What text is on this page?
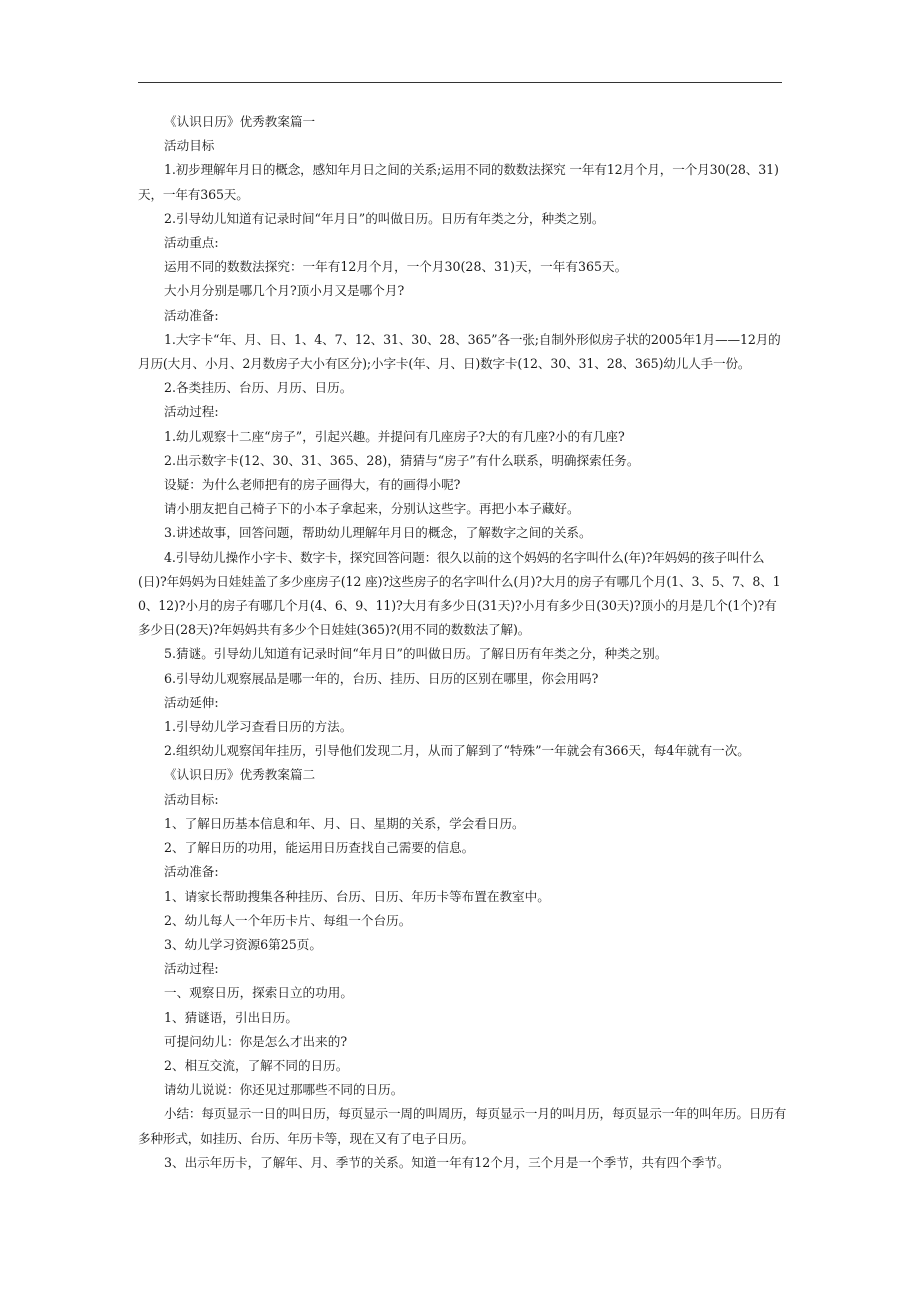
《认识日历》优秀教案篇一
活动目标
1.初步理解年月日的概念，感知年月日之间的关系;运用不同的数数法探究 一年有12月个月，一个月30(28、31)天，一年有365天。
2.引导幼儿知道有记录时间“年月日”的叫做日历。日历有年类之分，种类之别。
活动重点:
运用不同的数数法探究：一年有12月个月，一个月30(28、31)天，一年有365天。
大小月分别是哪几个月?顶小月又是哪个月?
活动准备:
1.大字卡“年、月、日、1、4、7、12、31、30、28、365”各一张;自制外形似房子状的2005年1月——12月的月历(大月、小月、2月数房子大小有区分);小字卡(年、月、日)数字卡(12、30、31、28、365)幼儿人手一份。
2.各类挂历、台历、月历、日历。
活动过程:
1.幼儿观察十二座“房子”，引起兴趣。并提问有几座房子?大的有几座?小的有几座?
2.出示数字卡(12、30、31、365、28)，猜猜与“房子”有什么联系，明确探索任务。
设疑：为什么老师把有的房子画得大，有的画得小呢?
请小朋友把自己椅子下的小本子拿起来，分别认这些字。再把小本子藏好。
3.讲述故事，回答问题，帮助幼儿理解年月日的概念，了解数字之间的关系。
4.引导幼儿操作小字卡、数字卡，探究回答问题：很久以前的这个妈妈的名字叫什么(年)?年妈妈的孩子叫什么(日)?年妈妈为日娃娃盖了多少座房子(12 座)?这些房子的名字叫什么(月)?大月的房子有哪几个月(1、3、5、7、8、10、12)?小月的房子有哪几个月(4、6、9、11)?大月有多少日(31天)?小月有多少日(30天)?顶小的月是几个(1个)?有多少日(28天)?年妈妈共有多少个日娃娃(365)?(用不同的数数法了解)。
5.猜谜。引导幼儿知道有记录时间“年月日”的叫做日历。了解日历有年类之分，种类之别。
6.引导幼儿观察展品是哪一年的，台历、挂历、日历的区别在哪里，你会用吗?
活动延伸:
1.引导幼儿学习查看日历的方法。
2.组织幼儿观察闰年挂历，引导他们发现二月，从而了解到了“特殊”一年就会有366天，每4年就有一次。
《认识日历》优秀教案篇二
活动目标:
1、了解日历基本信息和年、月、日、星期的关系，学会看日历。
2、了解日历的功用，能运用日历查找自己需要的信息。
活动准备:
1、请家长帮助搜集各种挂历、台历、日历、年历卡等布置在教室中。
2、幼儿每人一个年历卡片、每组一个台历。
3、幼儿学习资源6第25页。
活动过程:
一、观察日历，探索日立的功用。
1、猜谜语，引出日历。
可提问幼儿：你是怎么才出来的?
2、相互交流，了解不同的日历。
请幼儿说说：你还见过那哪些不同的日历。
小结：每页显示一日的叫日历，每页显示一周的叫周历，每页显示一月的叫月历，每页显示一年的叫年历。日历有多种形式，如挂历、台历、年历卡等，现在又有了电子日历。
3、出示年历卡，了解年、月、季节的关系。知道一年有12个月，三个月是一个季节，共有四个季节。
